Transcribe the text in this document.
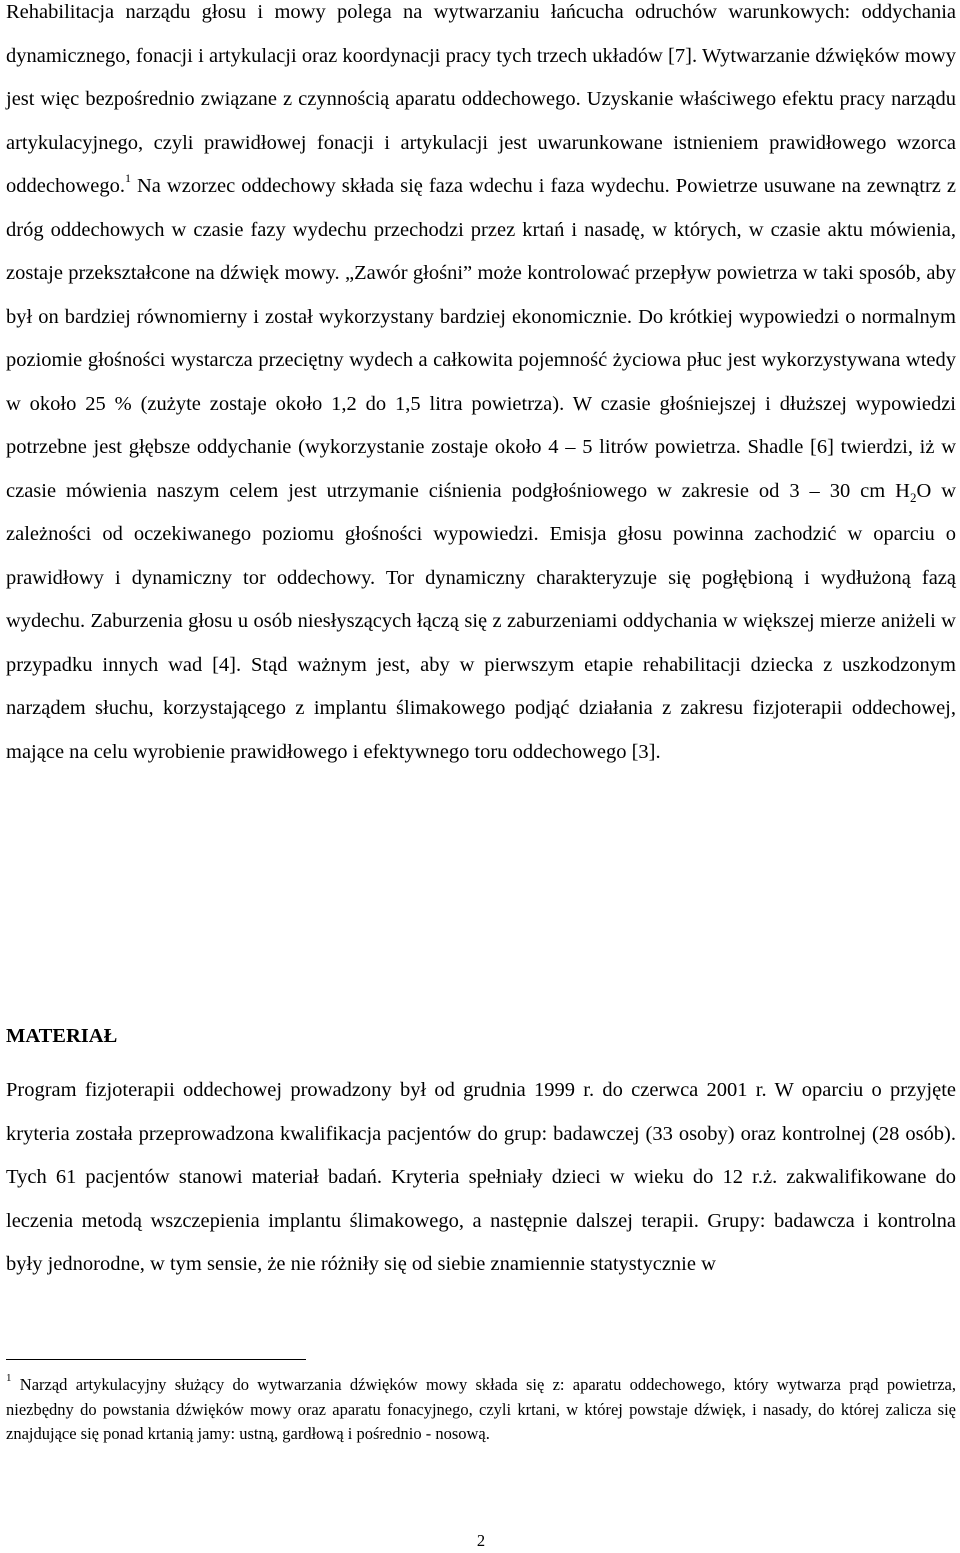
Rehabilitacja narządu głosu i mowy polega na wytwarzaniu łańcucha odruchów warunkowych: oddychania dynamicznego, fonacji i artykulacji oraz koordynacji pracy tych trzech układów [7]. Wytwarzanie dźwięków mowy jest więc bezpośrednio związane z czynnością aparatu oddechowego. Uzyskanie właściwego efektu pracy narządu artykulacyjnego, czyli prawidłowej fonacji i artykulacji jest uwarunkowane istnieniem prawidłowego wzorca oddechowego.$^1$ Na wzorzec oddechowy składa się faza wdechu i faza wydechu. Powietrze usuwane na zewnątrz z dróg oddechowych w czasie fazy wydechu przechodzi przez krtań i nasadę, w których, w czasie aktu mówienia, zostaje przekształcone na dźwięk mowy. „Zawór głośni” może kontrolować przepływ powietrza w taki sposób, aby był on bardziej równomierny i został wykorzystany bardziej ekonomicznie. Do krótkiej wypowiedzi o normalnym poziomie głośności wystarcza przeciętny wydech a całkowita pojemność życiowa płuc jest wykorzystywana wtedy w około 25 % (zużyte zostaje około 1,2 do 1,5 litra powietrza). W czasie głośniejszej i dłuższej wypowiedzi potrzebne jest głębsze oddychanie (wykorzystanie zostaje około 4 – 5 litrów powietrza. Shadle [6] twierdzi, iż w czasie mówienia naszym celem jest utrzymanie ciśnienia podgłośniowego w zakresie od 3 – 30 cm $H_2O$ w zależności od oczekiwanego poziomu głośności wypowiedzi. Emisja głosu powinna zachodzić w oparciu o prawidłowy i dynamiczny tor oddechowy. Tor dynamiczny charakteryzuje się pogłębioną i wydłużoną fazą wydechu. Zaburzenia głosu u osób niesłyszących łączą się z zaburzeniami oddychania w większej mierze aniżeli w przypadku innych wad [4]. Stąd ważnym jest, aby w pierwszym etapie rehabilitacji dziecka z uszkodzonym narządem słuchu, korzystającego z implantu ślimakowego podjąć działania z zakresu fizjoterapii oddechowej, mające na celu wyrobienie prawidłowego i efektywnego toru oddechowego [3].

MATERIAŁ

Program fizjoterapii oddechowej prowadzony był od grudnia 1999 r. do czerwca 2001 r. W oparciu o przyjęte kryteria została przeprowadzona kwalifikacja pacjentów do grup: badawczej (33 osoby) oraz kontrolnej (28 osób). Tych 61 pacjentów stanowi materiał badań. Kryteria spełniały dzieci w wieku do 12 r.ż. zakwalifikowane do leczenia metodą wszczepienia implantu ślimakowego, a następnie dalszej terapii. Grupy: badawcza i kontrolna były jednorodne, w tym sensie, że nie różniły się od siebie znamiennie statystycznie w

$^1$ Narząd artykulacyjny służący do wytwarzania dźwięków mowy składa się z: aparatu oddechowego, który wytwarza prąd powietrza, niezbędny do powstania dźwięków mowy oraz aparatu fonacyjnego, czyli krtani, w której powstaje dźwięk, i nasady, do której zalicza się znajdujące się ponad krtanią jamy: ustną, gardłową i pośrednio - nosową.

2
